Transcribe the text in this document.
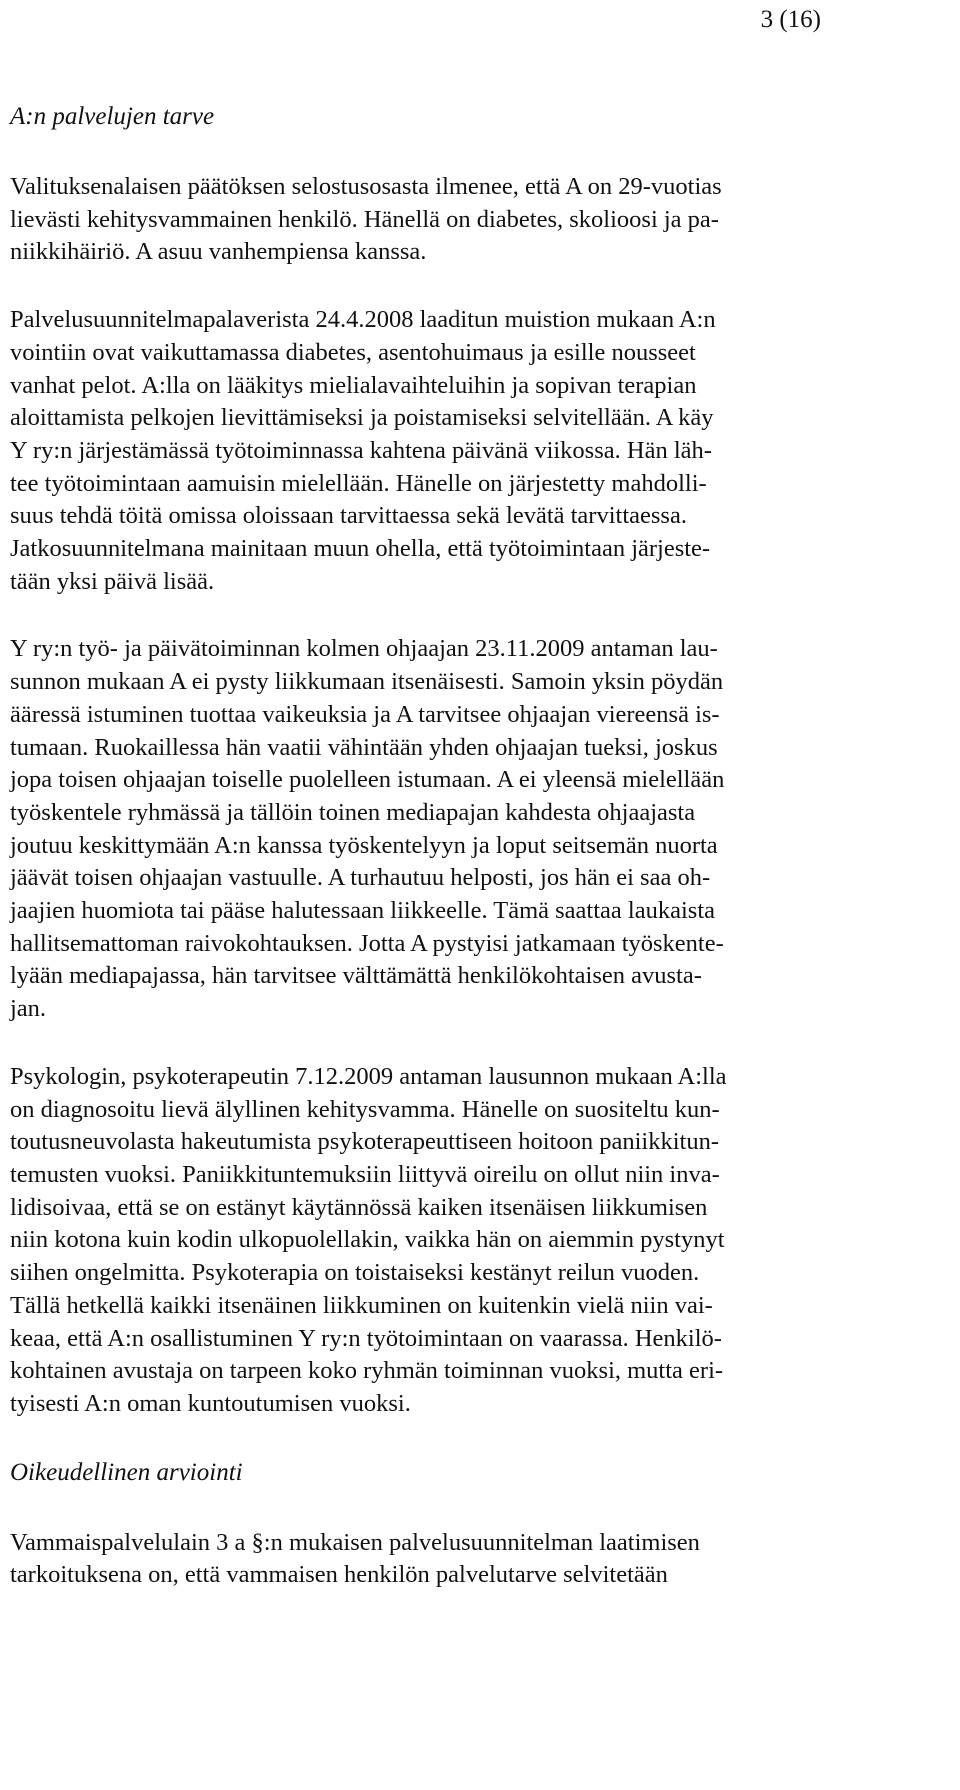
3 (16)
A:n palvelujen tarve

Valituksenalaisen päätöksen selostusosasta ilmenee, että A on 29-vuotias
lievästi kehitysvammainen henkilö. Hänellä on diabetes, skolioosi ja pa-
niikkihäiriö. A asuu vanhempiensa kanssa.

Palvelusuunnitelmapalaverista 24.4.2008 laaditun muistion mukaan A:n
vointiin ovat vaikuttamassa diabetes, asentohuimaus ja esille nousseet
vanhat pelot. A:lla on lääkitys mielialavaihteluihin ja sopivan terapian
aloittamista pelkojen lievittämiseksi ja poistamiseksi selvitellään. A käy
Y ry:n järjestämässä työtoiminnassa kahtena päivänä viikossa. Hän läh-
tee työtoimintaan aamuisin mielellään. Hänelle on järjestetty mahdolli-
suus tehdä töitä omissa oloissaan tarvittaessa sekä levätä tarvittaessa.
Jatkosuunnitelmana mainitaan muun ohella, että työtoimintaan järjeste-
tään yksi päivä lisää.

Y ry:n työ- ja päivätoiminnan kolmen ohjaajan 23.11.2009 antaman lau-
sunnon mukaan A ei pysty liikkumaan itsenäisesti. Samoin yksin pöydän
ääressä istuminen tuottaa vaikeuksia ja A tarvitsee ohjaajan viereensä is-
tumaan. Ruokaillessa hän vaatii vähintään yhden ohjaajan tueksi, joskus
jopa toisen ohjaajan toiselle puolelleen istumaan. A ei yleensä mielellään
työskentele ryhmässä ja tällöin toinen mediapajan kahdesta ohjaajasta
joutuu keskittymään A:n kanssa työskentelyyn ja loput seitsemän nuorta
jäävät toisen ohjaajan vastuulle. A turhautuu helposti, jos hän ei saa oh-
jaajien huomiota tai pääse halutessaan liikkeelle. Tämä saattaa laukaista
hallitsemattoman raivokohtauksen. Jotta A pystyisi jatkamaan työskente-
lyään mediapajassa, hän tarvitsee välttämättä henkilökohtaisen avusta-
jan.

Psykologin, psykoterapeutin 7.12.2009 antaman lausunnon mukaan A:lla
on diagnosoitu lievä älyllinen kehitysvamma. Hänelle on suositeltu kun-
toutusneuvolasta hakeutumista psykoterapeuttiseen hoitoon paniikkitun-
temusten vuoksi. Paniikkituntemuksiin liittyvä oireilu on ollut niin inva-
lidisoivaa, että se on estänyt käytännössä kaiken itsenäisen liikkumisen
niin kotona kuin kodin ulkopuolellakin, vaikka hän on aiemmin pystynyt
siihen ongelmitta. Psykoterapia on toistaiseksi kestänyt reilun vuoden.
Tällä hetkellä kaikki itsenäinen liikkuminen on kuitenkin vielä niin vai-
keaa, että A:n osallistuminen Y ry:n työtoimintaan on vaarassa. Henkilö-
kohtainen avustaja on tarpeen koko ryhmän toiminnan vuoksi, mutta eri-
tyisesti A:n oman kuntoutumisen vuoksi.

Oikeudellinen arviointi

Vammaispalvelulain 3 a §:n mukaisen palvelusuunnitelman laatimisen
tarkoituksena on, että vammaisen henkilön palvelutarve selvitetään
